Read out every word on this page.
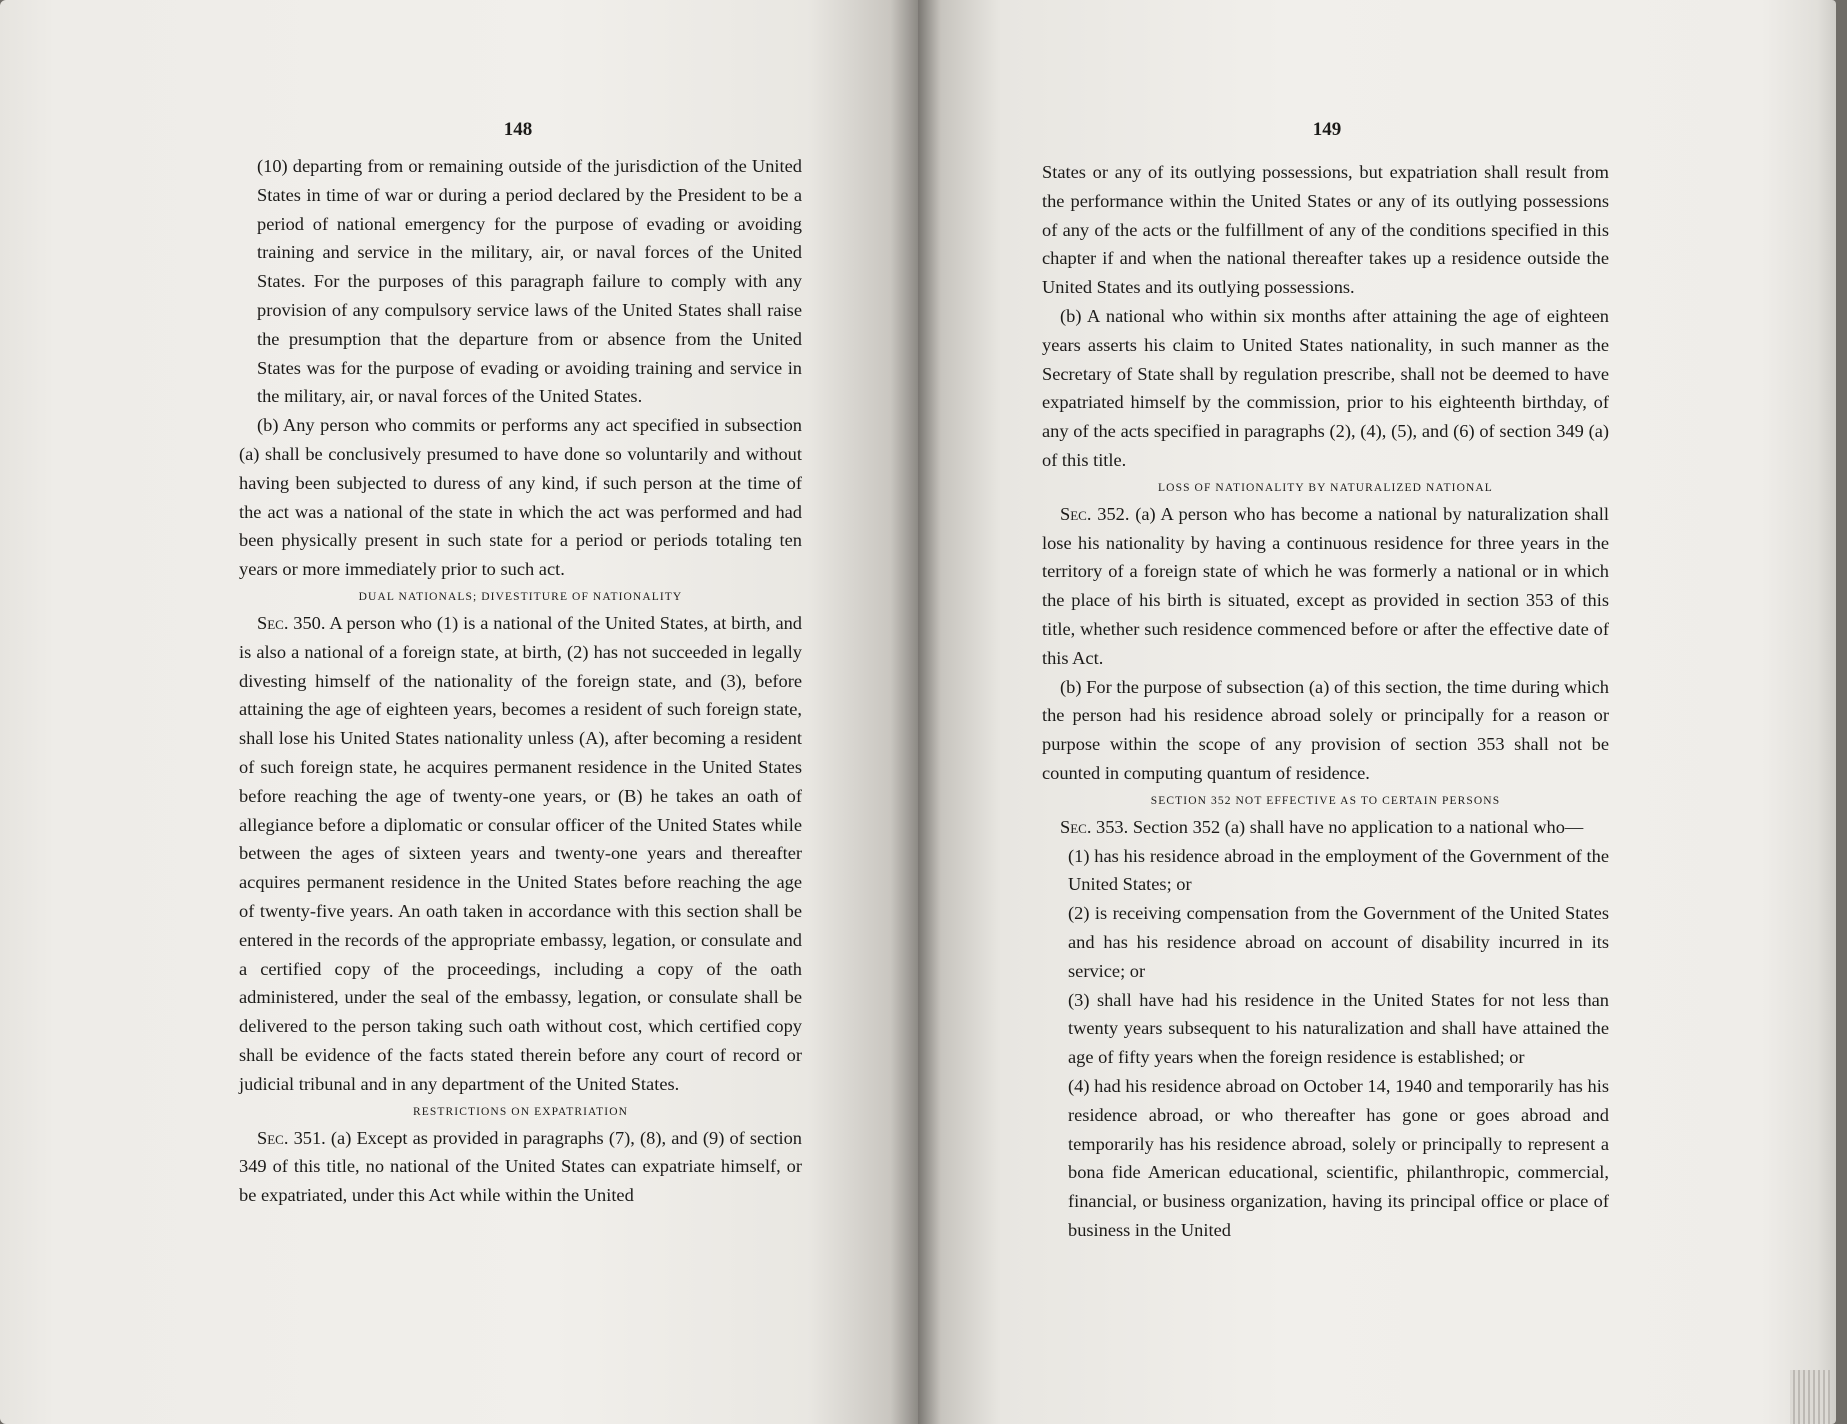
148

(10) departing from or remaining outside of the jurisdiction of the United States in time of war or during a period declared by the President to be a period of national emergency for the purpose of evading or avoiding training and service in the military, air, or naval forces of the United States. For the purposes of this paragraph failure to comply with any provision of any compulsory service laws of the United States shall raise the presumption that the departure from or absence from the United States was for the purpose of evading or avoiding training and service in the military, air, or naval forces of the United States.

(b) Any person who commits or performs any act specified in subsection (a) shall be conclusively presumed to have done so voluntarily and without having been subjected to duress of any kind, if such person at the time of the act was a national of the state in which the act was performed and had been physically present in such state for a period or periods totaling ten years or more immediately prior to such act.

DUAL NATIONALS; DIVESTITURE OF NATIONALITY

Sec. 350. A person who (1) is a national of the United States, at birth, and is also a national of a foreign state, at birth, (2) has not succeeded in legally divesting himself of the nationality of the foreign state, and (3), before attaining the age of eighteen years, becomes a resident of such foreign state, shall lose his United States nationality unless (A), after becoming a resident of such foreign state, he acquires permanent residence in the United States before reaching the age of twenty-one years, or (B) he takes an oath of allegiance before a diplomatic or consular officer of the United States while between the ages of sixteen years and twenty-one years and thereafter acquires permanent residence in the United States before reaching the age of twenty-five years. An oath taken in accordance with this section shall be entered in the records of the appropriate embassy, legation, or consulate and a certified copy of the proceedings, including a copy of the oath administered, under the seal of the embassy, legation, or consulate shall be delivered to the person taking such oath without cost, which certified copy shall be evidence of the facts stated therein before any court of record or judicial tribunal and in any department of the United States.

RESTRICTIONS ON EXPATRIATION

Sec. 351. (a) Except as provided in paragraphs (7), (8), and (9) of section 349 of this title, no national of the United States can expatriate himself, or be expatriated, under this Act while within the United

149

States or any of its outlying possessions, but expatriation shall result from the performance within the United States or any of its outlying possessions of any of the acts or the fulfillment of any of the conditions specified in this chapter if and when the national thereafter takes up a residence outside the United States and its outlying possessions.

(b) A national who within six months after attaining the age of eighteen years asserts his claim to United States nationality, in such manner as the Secretary of State shall by regulation prescribe, shall not be deemed to have expatriated himself by the commission, prior to his eighteenth birthday, of any of the acts specified in paragraphs (2), (4), (5), and (6) of section 349 (a) of this title.

LOSS OF NATIONALITY BY NATURALIZED NATIONAL

Sec. 352. (a) A person who has become a national by naturalization shall lose his nationality by having a continuous residence for three years in the territory of a foreign state of which he was formerly a national or in which the place of his birth is situated, except as provided in section 353 of this title, whether such residence commenced before or after the effective date of this Act.

(b) For the purpose of subsection (a) of this section, the time during which the person had his residence abroad solely or principally for a reason or purpose within the scope of any provision of section 353 shall not be counted in computing quantum of residence.

SECTION 352 NOT EFFECTIVE AS TO CERTAIN PERSONS

Sec. 353. Section 352 (a) shall have no application to a national who—

(1) has his residence abroad in the employment of the Government of the United States; or

(2) is receiving compensation from the Government of the United States and has his residence abroad on account of disability incurred in its service; or

(3) shall have had his residence in the United States for not less than twenty years subsequent to his naturalization and shall have attained the age of fifty years when the foreign residence is established; or

(4) had his residence abroad on October 14, 1940 and temporarily has his residence abroad, or who thereafter has gone or goes abroad and temporarily has his residence abroad, solely or principally to represent a bona fide American educational, scientific, philanthropic, commercial, financial, or business organization, having its principal office or place of business in the United
